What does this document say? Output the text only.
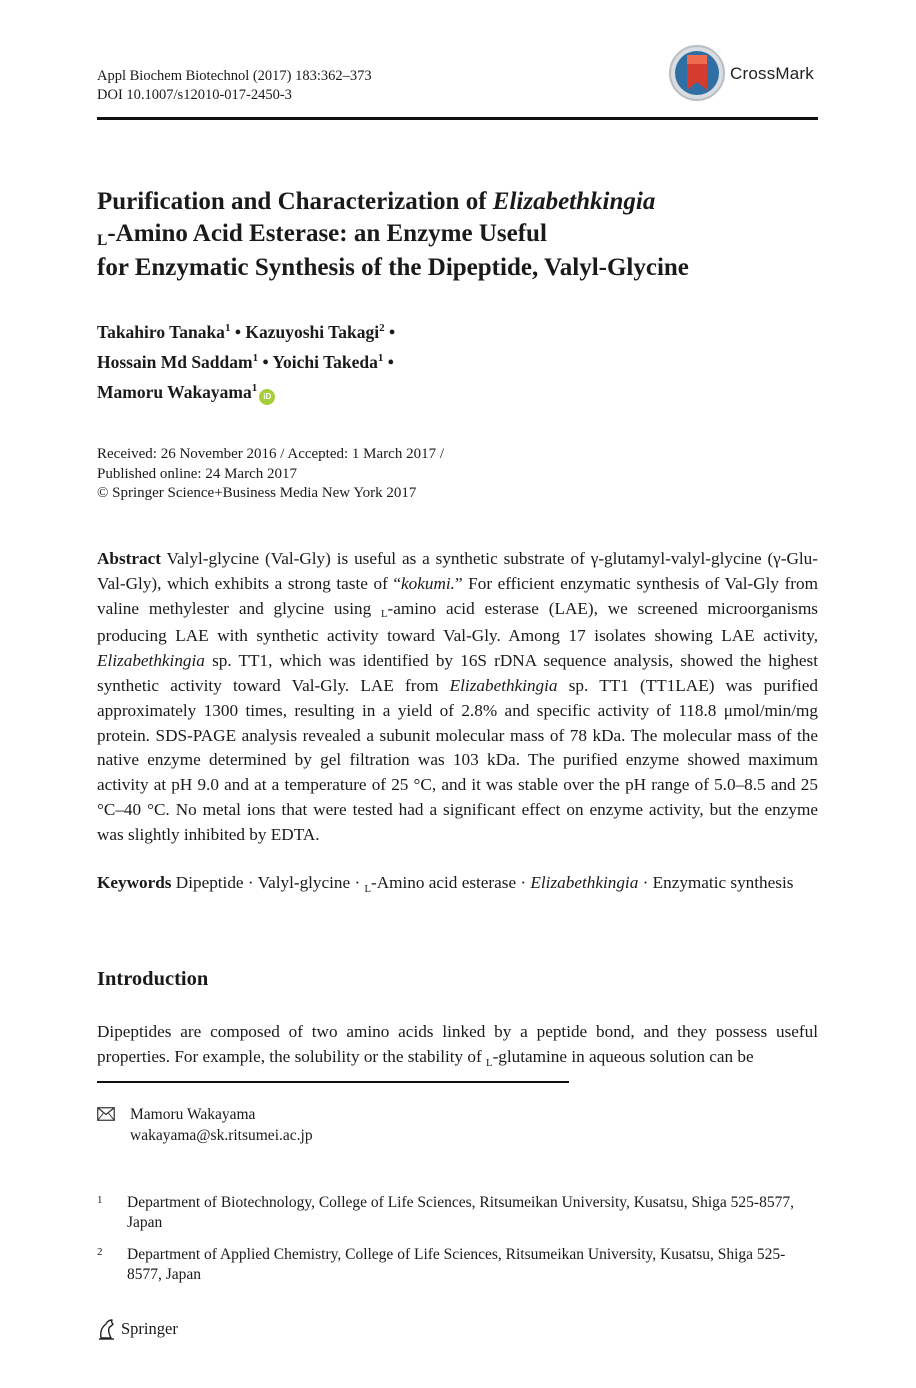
Appl Biochem Biotechnol (2017) 183:362–373
DOI 10.1007/s12010-017-2450-3
CrossMark
Purification and Characterization of Elizabethkingia
L-Amino Acid Esterase: an Enzyme Useful
for Enzymatic Synthesis of the Dipeptide, Valyl-Glycine
Takahiro Tanaka$^1$ • Kazuyoshi Takagi$^2$ •
Hossain Md Saddam$^1$ • Yoichi Takeda$^1$ •
Mamoru Wakayama$^1$iD
Received: 26 November 2016 / Accepted: 1 March 2017 /
Published online: 24 March 2017
© Springer Science+Business Media New York 2017
Abstract Valyl-glycine (Val-Gly) is useful as a synthetic substrate of γ-glutamyl-valyl-glycine (γ-Glu-Val-Gly), which exhibits a strong taste of “kokumi.” For efficient enzymatic synthesis of Val-Gly from valine methylester and glycine using $_L$-amino acid esterase (LAE), we screened microorganisms producing LAE with synthetic activity toward Val-Gly. Among 17 isolates showing LAE activity, Elizabethkingia sp. TT1, which was identified by 16S rDNA sequence analysis, showed the highest synthetic activity toward Val-Gly. LAE from Elizabethkingia sp. TT1 (TT1LAE) was purified approximately 1300 times, resulting in a yield of 2.8% and specific activity of 118.8 μmol/min/mg protein. SDS-PAGE analysis revealed a subunit molecular mass of 78 kDa. The molecular mass of the native enzyme determined by gel filtration was 103 kDa. The purified enzyme showed maximum activity at pH 9.0 and at a temperature of 25 °C, and it was stable over the pH range of 5.0–8.5 and 25 °C–40 °C. No metal ions that were tested had a significant effect on enzyme activity, but the enzyme was slightly inhibited by EDTA.
Keywords Dipeptide · Valyl-glycine · $_L$-Amino acid esterase · Elizabethkingia · Enzymatic synthesis
Introduction
Dipeptides are composed of two amino acids linked by a peptide bond, and they possess useful properties. For example, the solubility or the stability of $_L$-glutamine in aqueous solution can be
Mamoru Wakayama
wakayama@sk.ritsumei.ac.jp
1 Department of Biotechnology, College of Life Sciences, Ritsumeikan University, Kusatsu, Shiga 525-8577, Japan
2 Department of Applied Chemistry, College of Life Sciences, Ritsumeikan University, Kusatsu, Shiga 525-8577, Japan
Springer
